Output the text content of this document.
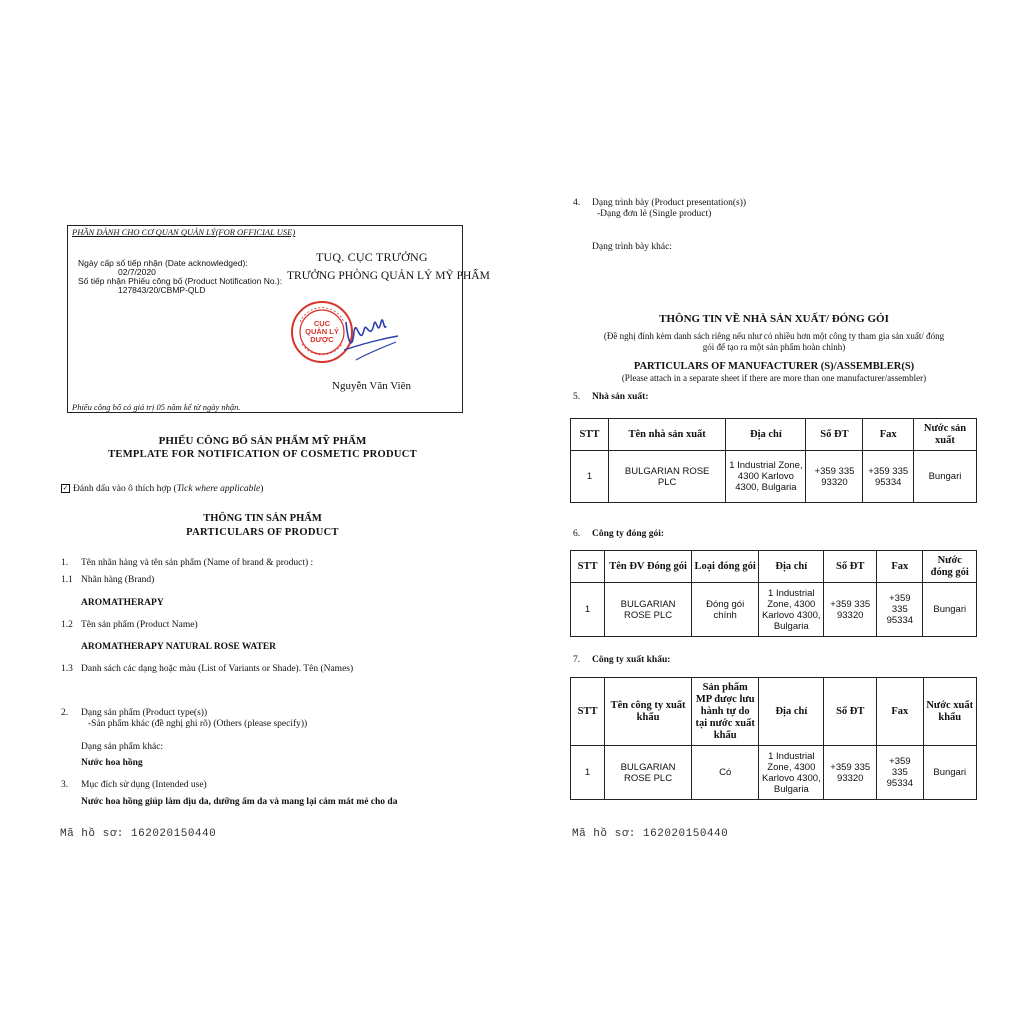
PHẦN DÀNH CHO CƠ QUAN QUẢN LÝ(FOR OFFICIAL USE)
Ngày cấp số tiếp nhận (Date acknowledged):
02/7/2020
Số tiếp nhận Phiếu công bố (Product Notification No.):
127843/20/CBMP-QLD
TUQ. CỤC TRƯỞNG
TRƯỞNG PHÒNG QUẢN LÝ MỸ PHẨM
CỤC
QUẢN LÝ
DƯỢC
Nguyễn Văn Viên
Phiếu công bố có giá trị 05 năm kể từ ngày nhận.
PHIẾU CÔNG BỐ SẢN PHẨM MỸ PHẨM
TEMPLATE FOR NOTIFICATION OF COSMETIC PRODUCT
✓ Đánh dấu vào ô thích hợp (Tick where applicable)
THÔNG TIN SẢN PHẨM
PARTICULARS OF PRODUCT
1. Tên nhãn hàng và tên sản phẩm (Name of brand & product) :
1.1 Nhãn hàng (Brand)
AROMATHERAPY
1.2 Tên sản phẩm (Product Name)
AROMATHERAPY NATURAL ROSE WATER
1.3 Danh sách các dạng hoặc màu (List of Variants or Shade). Tên (Names)
2. Dạng sản phẩm (Product type(s))
-Sản phẩm khác (đề nghị ghi rõ) (Others (please specify))
Dạng sản phẩm khác:
Nước hoa hồng
3. Mục đích sử dụng (Intended use)
Nước hoa hồng giúp làm dịu da, dưỡng ẩm da và mang lại cảm mát mẻ cho da
Mã hồ sơ: 162020150440
4. Dạng trình bày (Product presentation(s))
-Dạng đơn lẻ (Single product)
Dạng trình bày khác:
THÔNG TIN VỀ NHÀ SẢN XUẤT/ ĐÓNG GÓI
(Đề nghị đính kèm danh sách riêng nếu như có nhiều hơn một công ty tham gia sản xuất/ đóng
gói để tạo ra một sản phẩm hoàn chỉnh)
PARTICULARS OF MANUFACTURER (S)/ASSEMBLER(S)
(Please attach in a separate sheet if there are more than one manufacturer/assembler)
5. Nhà sản xuất:
STT	Tên nhà sản xuất	Địa chỉ	Số ĐT	Fax	Nước sản xuất
1	BULGARIAN ROSE PLC	1 Industrial Zone, 4300 Karlovo 4300, Bulgaria	+359 335 93320	+359 335 95334	Bungari
6. Công ty đóng gói:
STT	Tên ĐV Đóng gói	Loại đóng gói	Địa chỉ	Số ĐT	Fax	Nước đóng gói
1	BULGARIAN ROSE PLC	Đóng gói chính	1 Industrial Zone, 4300 Karlovo 4300, Bulgaria	+359 335 93320	+359 335 95334	Bungari
7. Công ty xuất khẩu:
STT	Tên công ty xuất khẩu	Sản phẩm MP được lưu hành tự do tại nước xuất khẩu	Địa chỉ	Số ĐT	Fax	Nước xuất khẩu
1	BULGARIAN ROSE PLC	Có	1 Industrial Zone, 4300 Karlovo 4300, Bulgaria	+359 335 93320	+359 335 95334	Bungari
Mã hồ sơ: 162020150440
